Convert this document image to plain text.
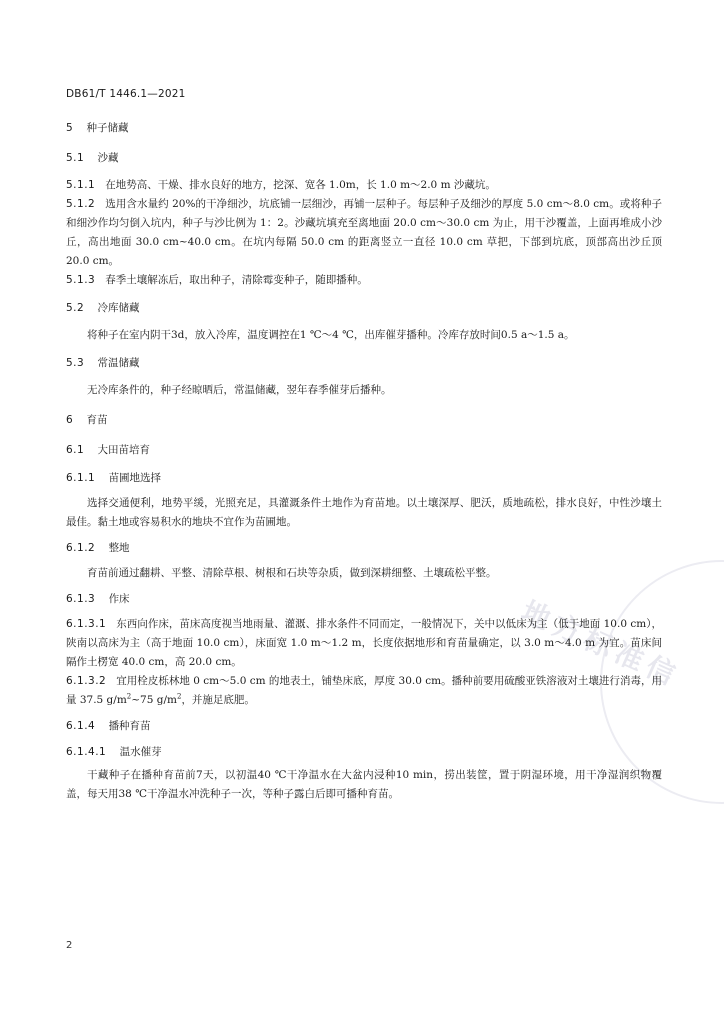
地方标准信
DB61/T 1446.1—2021
5 种子储藏
5.1 沙藏

5.1.1 在地势高、干燥、排水良好的地方，挖深、宽各 1.0m，长 1.0 m～2.0 m 沙藏坑。

5.1.2 选用含水量约 20%的干净细沙，坑底铺一层细沙，再铺一层种子。每层种子及细沙的厚度 5.0 cm～8.0 cm。或将种子和细沙作均匀倒入坑内，种子与沙比例为 1：2。沙藏坑填充至离地面 20.0 cm～30.0 cm 为止，用干沙覆盖，上面再堆成小沙丘，高出地面 30.0 cm~40.0 cm。在坑内每隔 50.0 cm 的距离竖立一直径 10.0 cm 草把，下部到坑底，顶部高出沙丘顶 20.0 cm。

5.1.3 春季土壤解冻后，取出种子，清除霉变种子，随即播种。

5.2 冷库储藏

将种子在室内阴干3d，放入冷库，温度调控在1 ℃～4 ℃，出库催芽播种。冷库存放时间0.5 a～1.5 a。

5.3 常温储藏

无冷库条件的，种子经晾晒后，常温储藏，翌年春季催芽后播种。

6 育苗
6.1 大田苗培育
6.1.1 苗圃地选择

选择交通便利，地势平缓，光照充足，具灌溉条件土地作为育苗地。以土壤深厚、肥沃，质地疏松，排水良好，中性沙壤土最佳。黏土地或容易积水的地块不宜作为苗圃地。

6.1.2 整地

育苗前通过翻耕、平整、清除草根、树根和石块等杂质，做到深耕细整、土壤疏松平整。

6.1.3 作床

6.1.3.1 东西向作床，苗床高度视当地雨量、灌溉、排水条件不同而定，一般情况下，关中以低床为主（低于地面 10.0 cm），陕南以高床为主（高于地面 10.0 cm），床面宽 1.0 m～1.2 m，长度依据地形和育苗量确定，以 3.0 m～4.0 m 为宜。苗床间隔作土楞宽 40.0 cm，高 20.0 cm。

6.1.3.2 宜用栓皮栎林地 0 cm～5.0 cm 的地表土，铺垫床底，厚度 30.0 cm。播种前要用硫酸亚铁溶液对土壤进行消毒，用量 37.5 $g/m^2\sim 75$ $g/m^2$，并施足底肥。

6.1.4 播种育苗
6.1.4.1 温水催芽

干藏种子在播种育苗前7天，以初温40 ℃干净温水在大盆内浸种10 min，捞出装筐，置于阴湿环境，用干净湿润织物覆盖，每天用38 ℃干净温水冲洗种子一次，等种子露白后即可播种育苗。

2
